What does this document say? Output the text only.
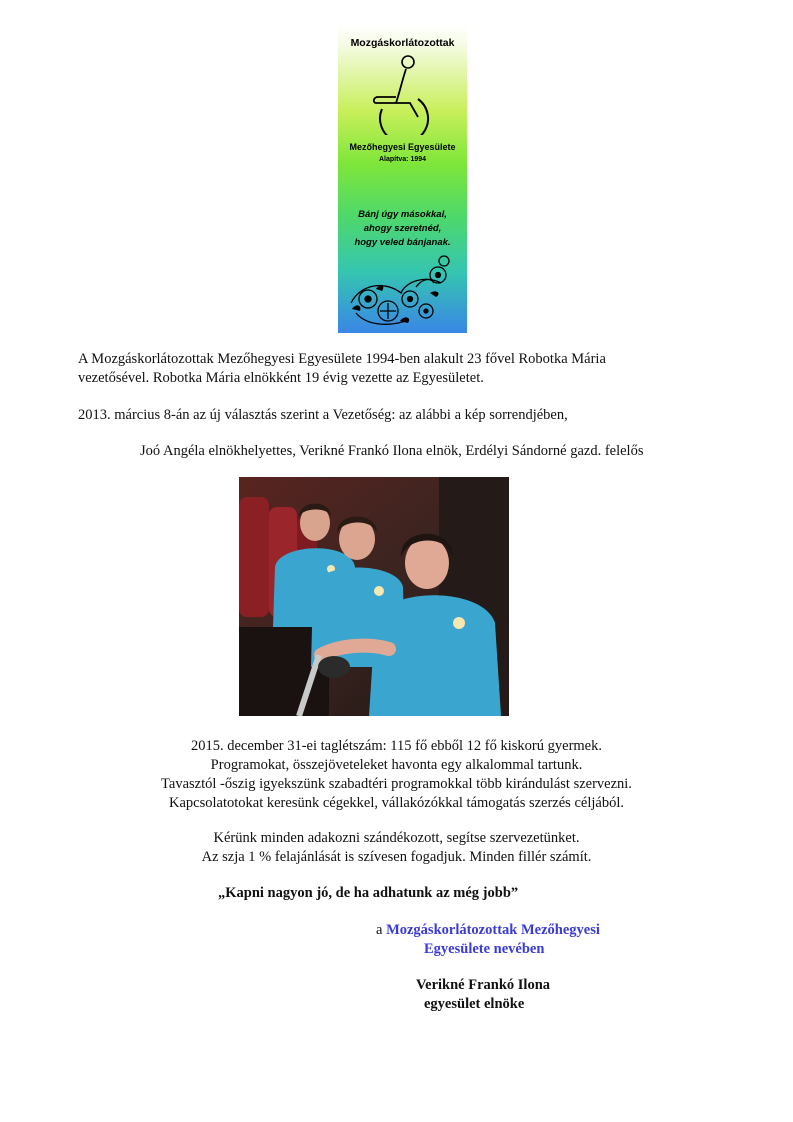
Mozgáskorlátozottak
Mezőhegyesi Egyesülete
Alapítva: 1994
Bánj úgy másokkal,
ahogy szeretnéd,
hogy veled bánjanak.

A Mozgáskorlátozottak Mezőhegyesi Egyesülete 1994-ben alakult 23 fővel Robotka Mária
vezetősével. Robotka Mária elnökként 19 évig vezette az Egyesületet.

2013. március 8-án az új választás szerint a Vezetőség: az alábbi a kép sorrendjében,

Joó Angéla elnökhelyettes, Verikné Frankó Ilona elnök, Erdélyi Sándorné gazd. felelős

2015. december 31-ei taglétszám: 115 fő ebből 12 fő kiskorú gyermek.
Programokat, összejöveteleket havonta egy alkalommal tartunk.
Tavasztól -őszig igyekszünk szabadtéri programokkal több kirándulást szervezni.
Kapcsolatotokat keresünk cégekkel, vállakózókkal támogatás szerzés céljából.
Kérünk minden adakozni szándékozott, segítse szervezetünket.
Az szja 1 % felajánlását is szívesen fogadjuk. Minden fillér számít.

„Kapni nagyon jó, de ha adhatunk az még jobb”

a Mozgáskorlátozottak Mezőhegyesi
Egyesülete nevében
Verikné Frankó Ilona
egyesület elnöke
